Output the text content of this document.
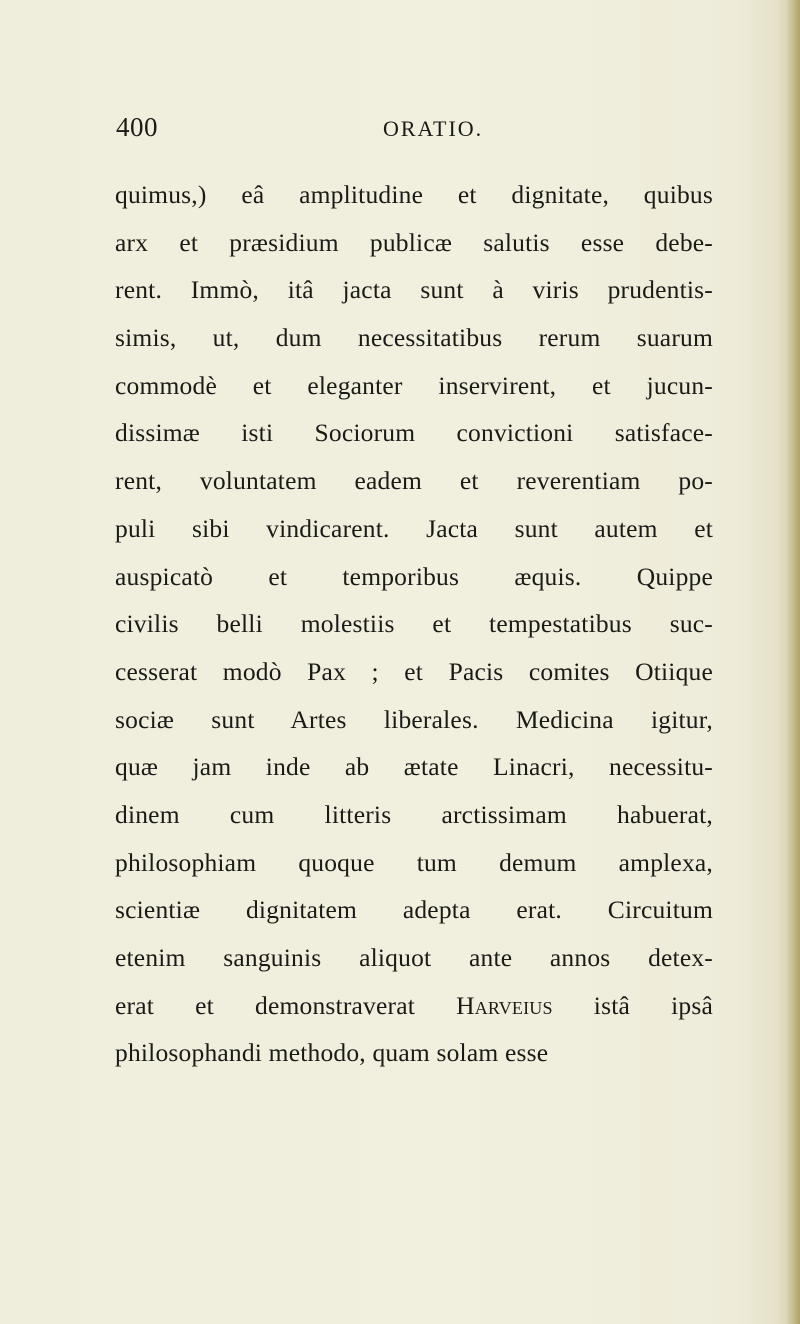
400	ORATIO.
quimus,) eâ amplitudine et dignitate, quibus
arx et præsidium publicæ salutis esse debe-
rent. Immò, itâ jacta sunt à viris prudentis-
simis, ut, dum necessitatibus rerum suarum
commodè et eleganter inservirent, et jucun-
dissimæ isti Sociorum convictioni satisface-
rent, voluntatem eadem et reverentiam po-
puli sibi vindicarent. Jacta sunt autem et
auspicatò et temporibus æquis. Quippe
civilis belli molestiis et tempestatibus suc-
cesserat modò Pax ; et Pacis comites Otiique
sociæ sunt Artes liberales. Medicina igitur,
quæ jam inde ab ætate Linacri, necessitu-
dinem cum litteris arctissimam habuerat,
philosophiam quoque tum demum amplexa,
scientiæ dignitatem adepta erat. Circuitum
etenim sanguinis aliquot ante annos detex-
erat et demonstraverat Harveius istâ ipsâ
philosophandi methodo, quam solam esse
